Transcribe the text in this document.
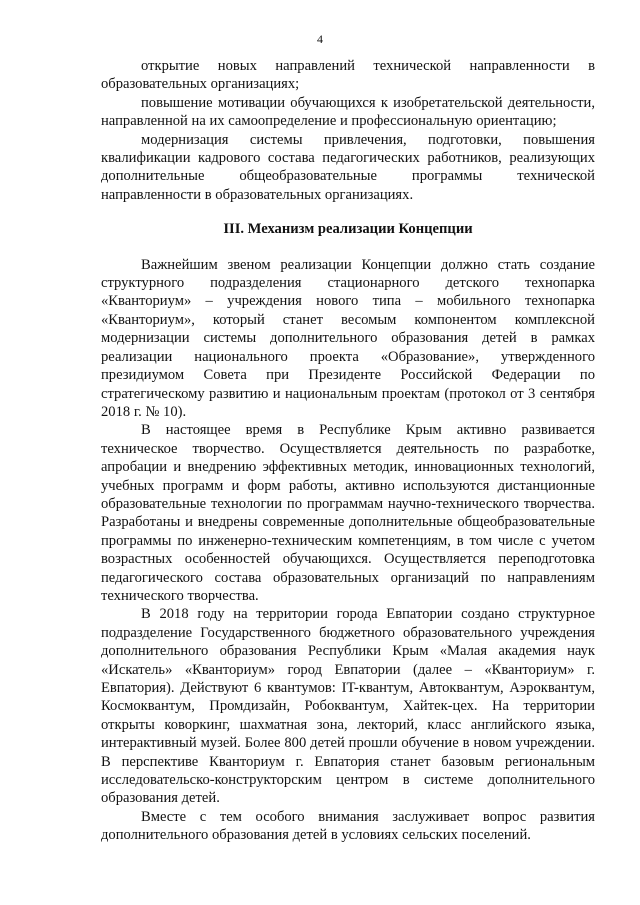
4

открытие новых направлений технической направленности в образовательных организациях;

повышение мотивации обучающихся к изобретательской деятельности, направленной на их самоопределение и профессиональную ориентацию;

модернизация системы привлечения, подготовки, повышения квалификации кадрового состава педагогических работников, реализующих дополнительные общеобразовательные программы технической направленности в образовательных организациях.

III. Механизм реализации Концепции

Важнейшим звеном реализации Концепции должно стать создание структурного подразделения стационарного детского технопарка «Кванториум» – учреждения нового типа – мобильного технопарка «Кванториум», который станет весомым компонентом комплексной модернизации системы дополнительного образования детей в рамках реализации национального проекта «Образование», утвержденного президиумом Совета при Президенте Российской Федерации по стратегическому развитию и национальным проектам (протокол от 3 сентября 2018 г. № 10).

В настоящее время в Республике Крым активно развивается техническое творчество. Осуществляется деятельность по разработке, апробации и внедрению эффективных методик, инновационных технологий, учебных программ и форм работы, активно используются дистанционные образовательные технологии по программам научно-технического творчества. Разработаны и внедрены современные дополнительные общеобразовательные программы по инженерно-техническим компетенциям, в том числе с учетом возрастных особенностей обучающихся. Осуществляется переподготовка педагогического состава образовательных организаций по направлениям технического творчества.

В 2018 году на территории города Евпатории создано структурное подразделение Государственного бюджетного образовательного учреждения дополнительного образования Республики Крым «Малая академия наук «Искатель» «Кванториум» город Евпатории (далее – «Кванториум» г. Евпатория). Действуют 6 квантумов: IT-квантум, Автоквантум, Аэроквантум, Космоквантум, Промдизайн, Робоквантум, Хайтек-цех. На территории открыты коворкинг, шахматная зона, лекторий, класс английского языка, интерактивный музей. Более 800 детей прошли обучение в новом учреждении. В перспективе Кванториум г. Евпатория станет базовым региональным исследовательско-конструкторским центром в системе дополнительного образования детей.

Вместе с тем особого внимания заслуживает вопрос развития дополнительного образования детей в условиях сельских поселений.
